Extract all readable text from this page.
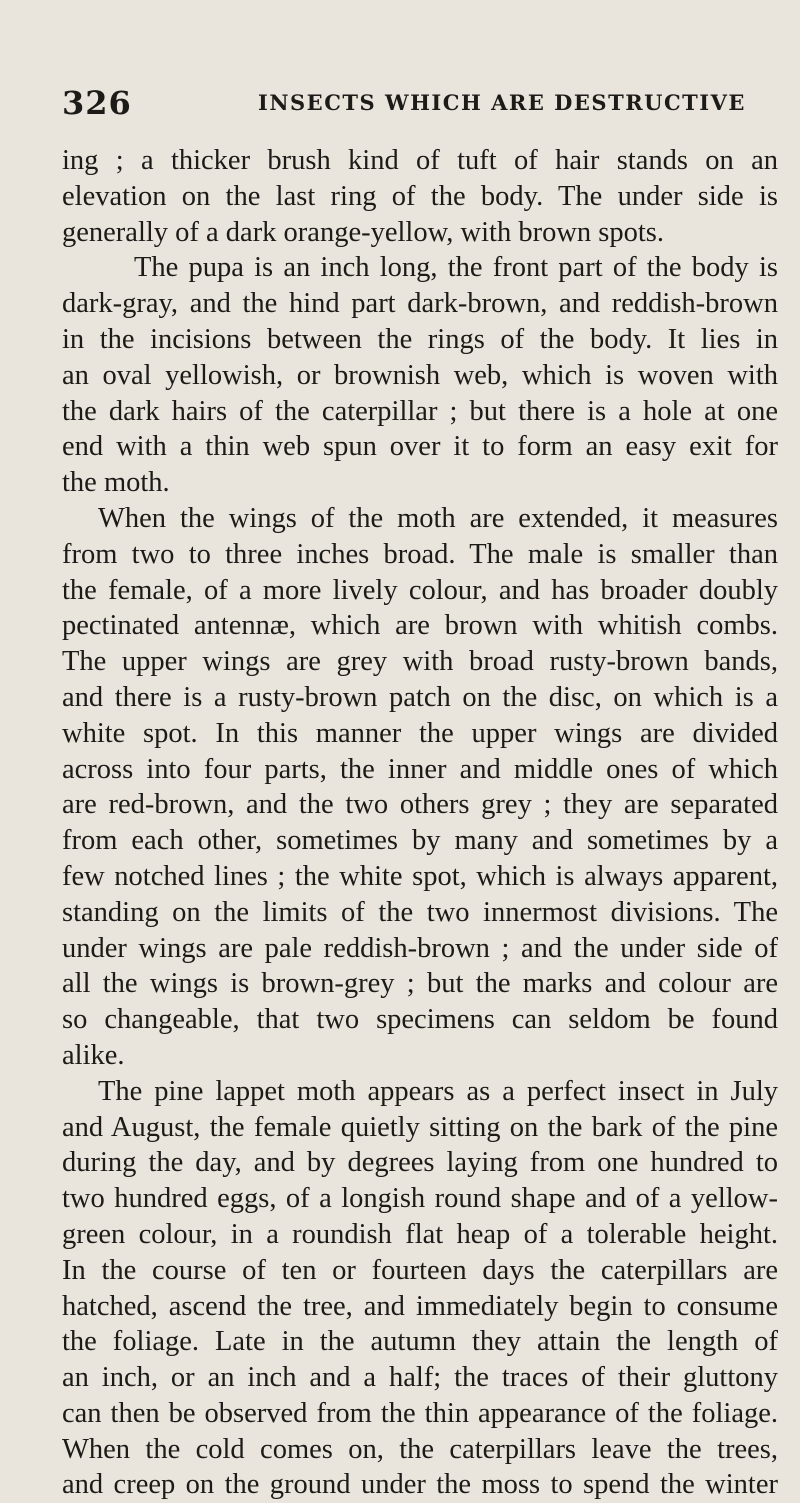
326	INSECTS WHICH ARE DESTRUCTIVE
ing ; a thicker brush kind of tuft of hair stands on an
elevation on the last ring of the body. The under side is
generally of a dark orange-yellow, with brown spots.
The pupa is an inch long, the front part of the body is
dark-gray, and the hind part dark-brown, and reddish-brown
in the incisions between the rings of the body. It lies in
an oval yellowish, or brownish web, which is woven with
the dark hairs of the caterpillar ; but there is a hole at one
end with a thin web spun over it to form an easy exit for
the moth.
When the wings of the moth are extended, it measures
from two to three inches broad. The male is smaller than
the female, of a more lively colour, and has broader doubly
pectinated antennæ, which are brown with whitish combs.
The upper wings are grey with broad rusty-brown bands,
and there is a rusty-brown patch on the disc, on which is a
white spot. In this manner the upper wings are divided
across into four parts, the inner and middle ones of which
are red-brown, and the two others grey ; they are separated
from each other, sometimes by many and sometimes by a
few notched lines ; the white spot, which is always apparent,
standing on the limits of the two innermost divisions. The
under wings are pale reddish-brown ; and the under side of
all the wings is brown-grey ; but the marks and colour are
so changeable, that two specimens can seldom be found
alike.
The pine lappet moth appears as a perfect insect in July
and August, the female quietly sitting on the bark of the pine
during the day, and by degrees laying from one hundred to
two hundred eggs, of a longish round shape and of a yellow-
green colour, in a roundish flat heap of a tolerable height.
In the course of ten or fourteen days the caterpillars are
hatched, ascend the tree, and immediately begin to consume
the foliage. Late in the autumn they attain the length of
an inch, or an inch and a half; the traces of their gluttony
can then be observed from the thin appearance of the foliage.
When the cold comes on, the caterpillars leave the trees,
and creep on the ground under the moss to spend the winter
